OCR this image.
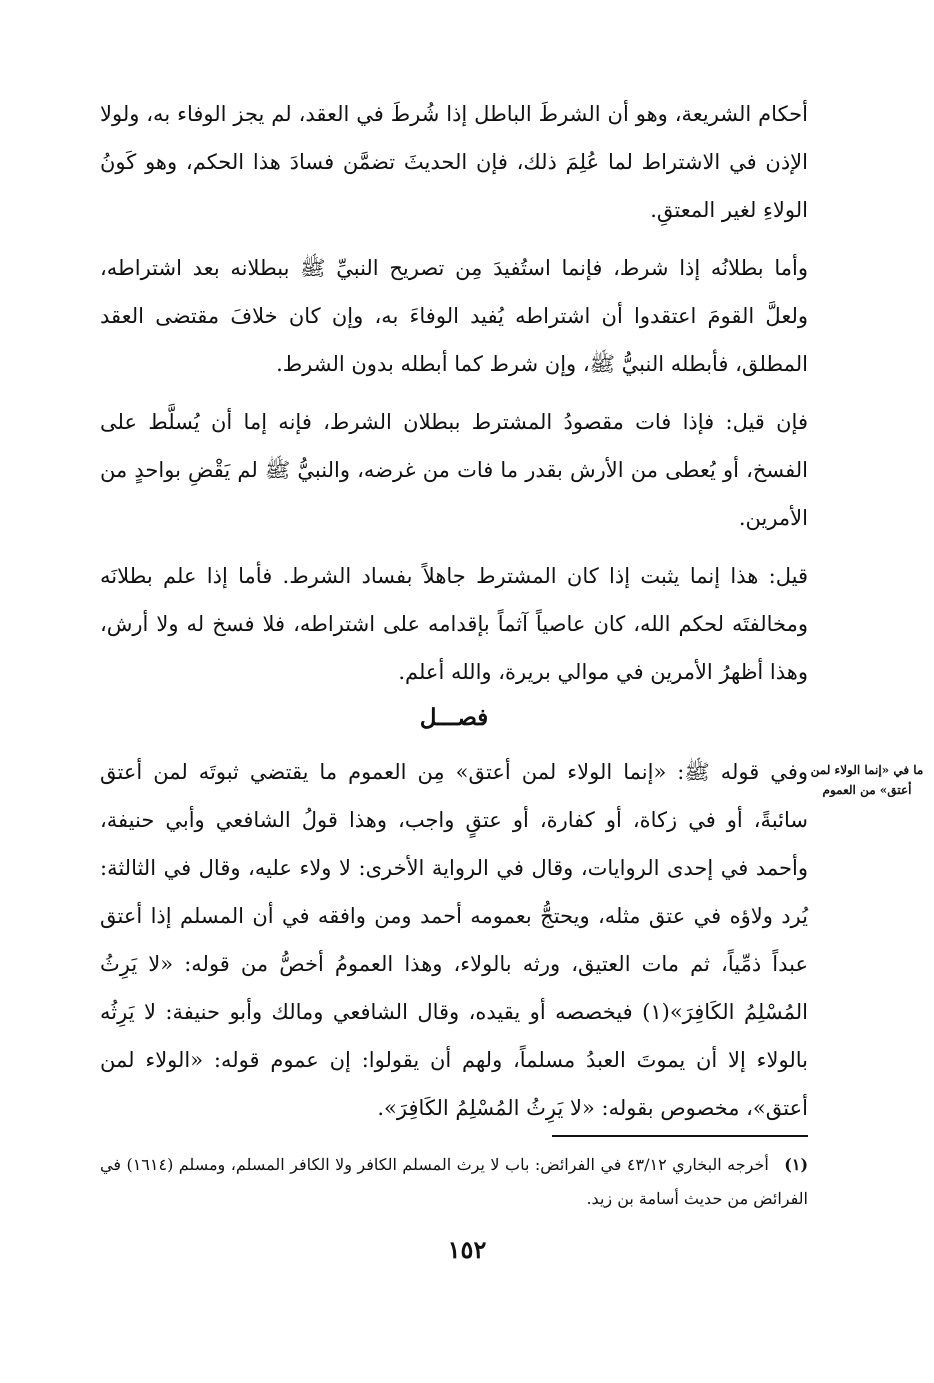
أحكام الشريعة، وهو أن الشرطَ الباطل إذا شُرطَ في العقد، لم يجز الوفاء به، ولولا الإذن في الاشتراط لما عُلِمَ ذلك، فإن الحديثَ تضمَّن فسادَ هذا الحكم، وهو كَونُ الولاءِ لغير المعتقِ.

وأما بطلانُه إذا شرط، فإنما استُفيدَ مِن تصريح النبيِّ ﷺ ببطلانه بعد اشتراطه، ولعلَّ القومَ اعتقدوا أن اشتراطه يُفيد الوفاءَ به، وإن كان خلافَ مقتضى العقد المطلق، فأبطله النبيُّ ﷺ، وإن شرط كما أبطله بدون الشرط.

فإن قيل: فإذا فات مقصودُ المشترط ببطلان الشرط، فإنه إما أن يُسلَّط على الفسخ، أو يُعطى من الأرش بقدر ما فات من غرضه، والنبيُّ ﷺ لم يَقْضِ بواحدٍ من الأمرين.

قيل: هذا إنما يثبت إذا كان المشترط جاهلاً بفساد الشرط. فأما إذا علم بطلانَه ومخالفتَه لحكم الله، كان عاصياً آثماً بإقدامه على اشتراطه، فلا فسخ له ولا أرش، وهذا أظهرُ الأمرين في موالي بريرة، والله أعلم.

فصـــل
ما في «إنما الولاء لمن أعتق» من العموم

وفي قوله ﷺ: «إنما الولاء لمن أعتق» مِن العموم ما يقتضي ثبوتَه لمن أعتق سائبةً، أو في زكاة، أو كفارة، أو عتقٍ واجب، وهذا قولُ الشافعي وأبي حنيفة، وأحمد في إحدى الروايات، وقال في الرواية الأخرى: لا ولاء عليه، وقال في الثالثة: يُرد ولاؤه في عتق مثله، ويحتجُّ بعمومه أحمد ومن وافقه في أن المسلم إذا أعتق عبداً ذمِّياً، ثم مات العتيق، ورثه بالولاء، وهذا العمومُ أخصُّ من قوله: «لا يَرِثُ المُسْلِمُ الكَافِرَ»(١) فيخصصه أو يقيده، وقال الشافعي ومالك وأبو حنيفة: لا يَرِثُه بالولاء إلا أن يموتَ العبدُ مسلماً، ولهم أن يقولوا: إن عموم قوله: «الولاء لمن أعتق»، مخصوص بقوله: «لا يَرِثُ المُسْلِمُ الكَافِرَ».

(١) أخرجه البخاري ٤٣/١٢ في الفرائض: باب لا يرث المسلم الكافر ولا الكافر المسلم، ومسلم (١٦١٤) في الفرائض من حديث أسامة بن زيد.
١٥٢
